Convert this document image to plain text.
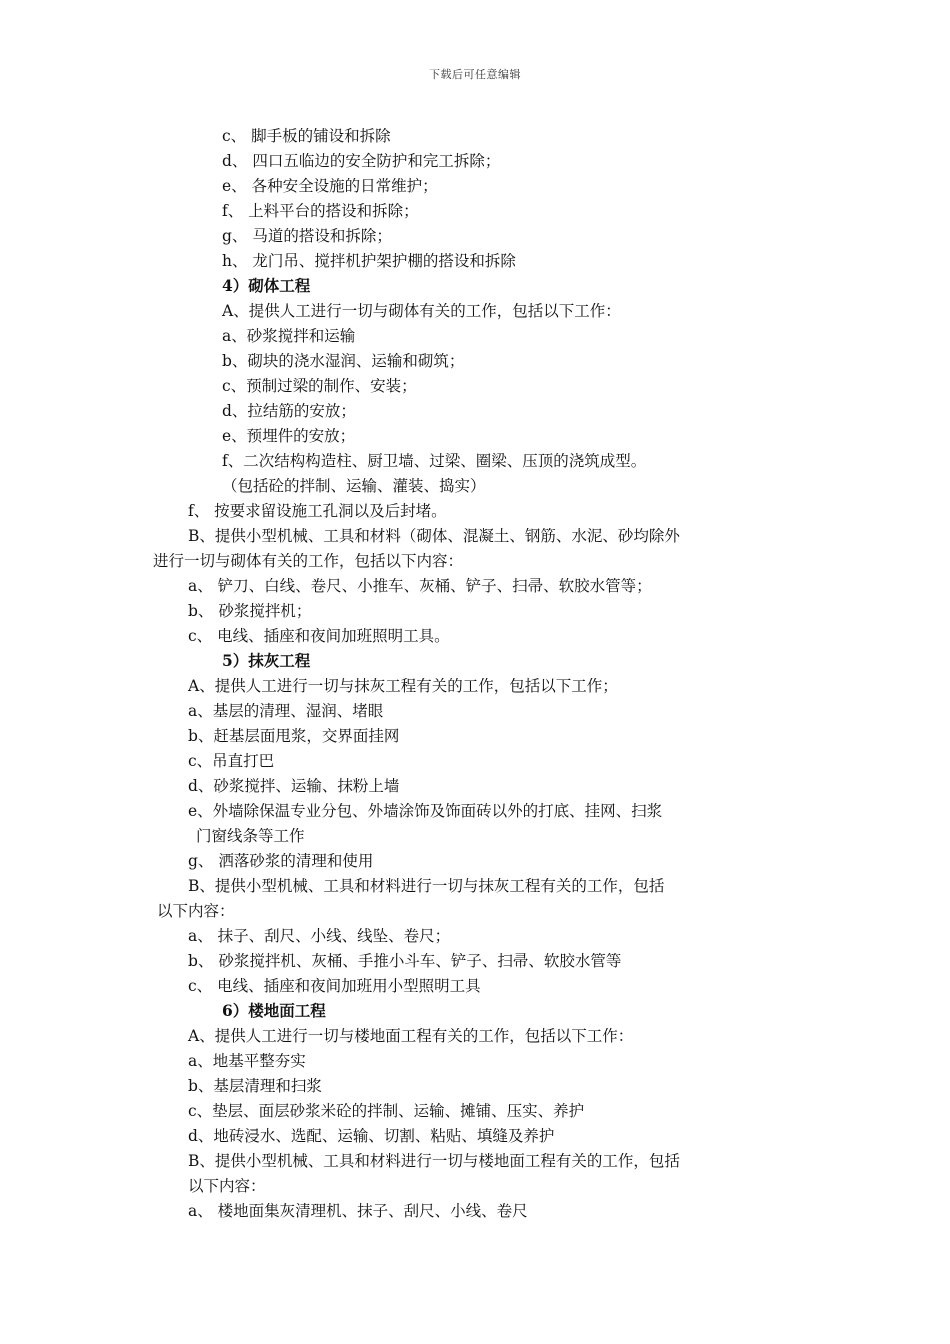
下载后可任意编辑
c、 脚手板的铺设和拆除
d、 四口五临边的安全防护和完工拆除；
e、 各种安全设施的日常维护；
f、 上料平台的搭设和拆除；
g、 马道的搭设和拆除；
h、 龙门吊、搅拌机护架护棚的搭设和拆除
4）砌体工程
A、提供人工进行一切与砌体有关的工作，包括以下工作：
a、砂浆搅拌和运输
b、砌块的浇水湿润、运输和砌筑；
c、预制过梁的制作、安装；
d、拉结筋的安放；
e、预埋件的安放；
f、二次结构构造柱、厨卫墙、过梁、圈梁、压顶的浇筑成型。
（包括砼的拌制、运输、灌装、捣实）
f、 按要求留设施工孔洞以及后封堵。
B、提供小型机械、工具和材料（砌体、混凝土、钢筋、水泥、砂均除外
进行一切与砌体有关的工作，包括以下内容：
a、 铲刀、白线、卷尺、小推车、灰桶、铲子、扫帚、软胶水管等；
b、 砂浆搅拌机；
c、 电线、插座和夜间加班照明工具。
5）抹灰工程
A、提供人工进行一切与抹灰工程有关的工作，包括以下工作；
a、基层的清理、湿润、堵眼
b、赶基层面甩浆，交界面挂网
c、吊直打巴
d、砂浆搅拌、运输、抹粉上墙
e、外墙除保温专业分包、外墙涂饰及饰面砖以外的打底、挂网、扫浆
门窗线条等工作
g、 洒落砂浆的清理和使用
B、提供小型机械、工具和材料进行一切与抹灰工程有关的工作，包括
以下内容：
a、 抹子、刮尺、小线、线坠、卷尺；
b、 砂浆搅拌机、灰桶、手推小斗车、铲子、扫帚、软胶水管等
c、 电线、插座和夜间加班用小型照明工具
6）楼地面工程
A、提供人工进行一切与楼地面工程有关的工作，包括以下工作：
a、地基平整夯实
b、基层清理和扫浆
c、垫层、面层砂浆米砼的拌制、运输、摊铺、压实、养护
d、地砖浸水、选配、运输、切割、粘贴、填缝及养护
B、提供小型机械、工具和材料进行一切与楼地面工程有关的工作，包括
以下内容：
a、 楼地面集灰清理机、抹子、刮尺、小线、卷尺
